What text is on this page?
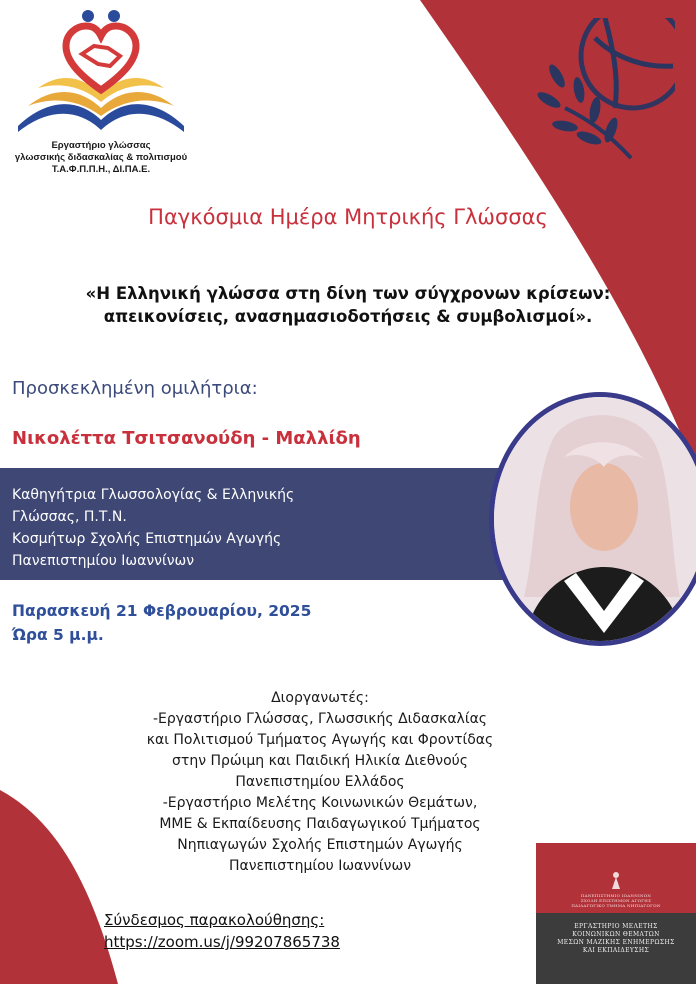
Εργαστήριο γλώσσας
γλωσσικής διδασκαλίας & πολιτισμού
Τ.Α.Φ.Π.Π.Η., ΔΙ.ΠΑ.Ε.
Παγκόσμια Ημέρα Μητρικής Γλώσσας
«Η Ελληνική γλώσσα στη δίνη των σύγχρονων κρίσεων:
απεικονίσεις, ανασημασιοδοτήσεις & συμβολισμοί».
Προσκεκλημένη ομιλήτρια:
Νικολέττα Τσιτσανούδη - Μαλλίδη
Καθηγήτρια Γλωσσολογίας & Ελληνικής
Γλώσσας, Π.Τ.Ν.
Κοσμήτωρ Σχολής Επιστημών Αγωγής
Πανεπιστημίου Ιωαννίνων
Παρασκευή 21 Φεβρουαρίου, 2025
Ώρα 5 μ.μ.
Διοργανωτές:
-Εργαστήριο Γλώσσας, Γλωσσικής Διδασκαλίας
και Πολιτισμού Τμήματος Αγωγής και Φροντίδας
στην Πρώιμη και Παιδική Ηλικία Διεθνούς
Πανεπιστημίου Ελλάδος
-Εργαστήριο Μελέτης Κοινωνικών Θεμάτων,
ΜΜΕ & Εκπαίδευσης Παιδαγωγικού Τμήματος
Νηπιαγωγών Σχολής Επιστημών Αγωγής
Πανεπιστημίου Ιωαννίνων
Σύνδεσμος παρακολούθησης:
https://zoom.us/j/99207865738
ΠΑΝΕΠΙΣΤΗΜΙΟ ΙΩΑΝΝΙΝΩΝ
ΣΧΟΛΗ ΕΠΙΣΤΗΜΩΝ ΑΓΩΓΗΣ
ΠΑΙΔΑΓΩΓΙΚΟ ΤΜΗΜΑ ΝΗΠΙΑΓΩΓΩΝ
ΕΡΓΑΣΤΗΡΙΟ ΜΕΛΕΤΗΣ
ΚΟΙΝΩΝΙΚΩΝ ΘΕΜΑΤΩΝ
ΜΕΣΩΝ ΜΑΖΙΚΗΣ ΕΝΗΜΕΡΩΣΗΣ
ΚΑΙ ΕΚΠΑΙΔΕΥΣΗΣ
